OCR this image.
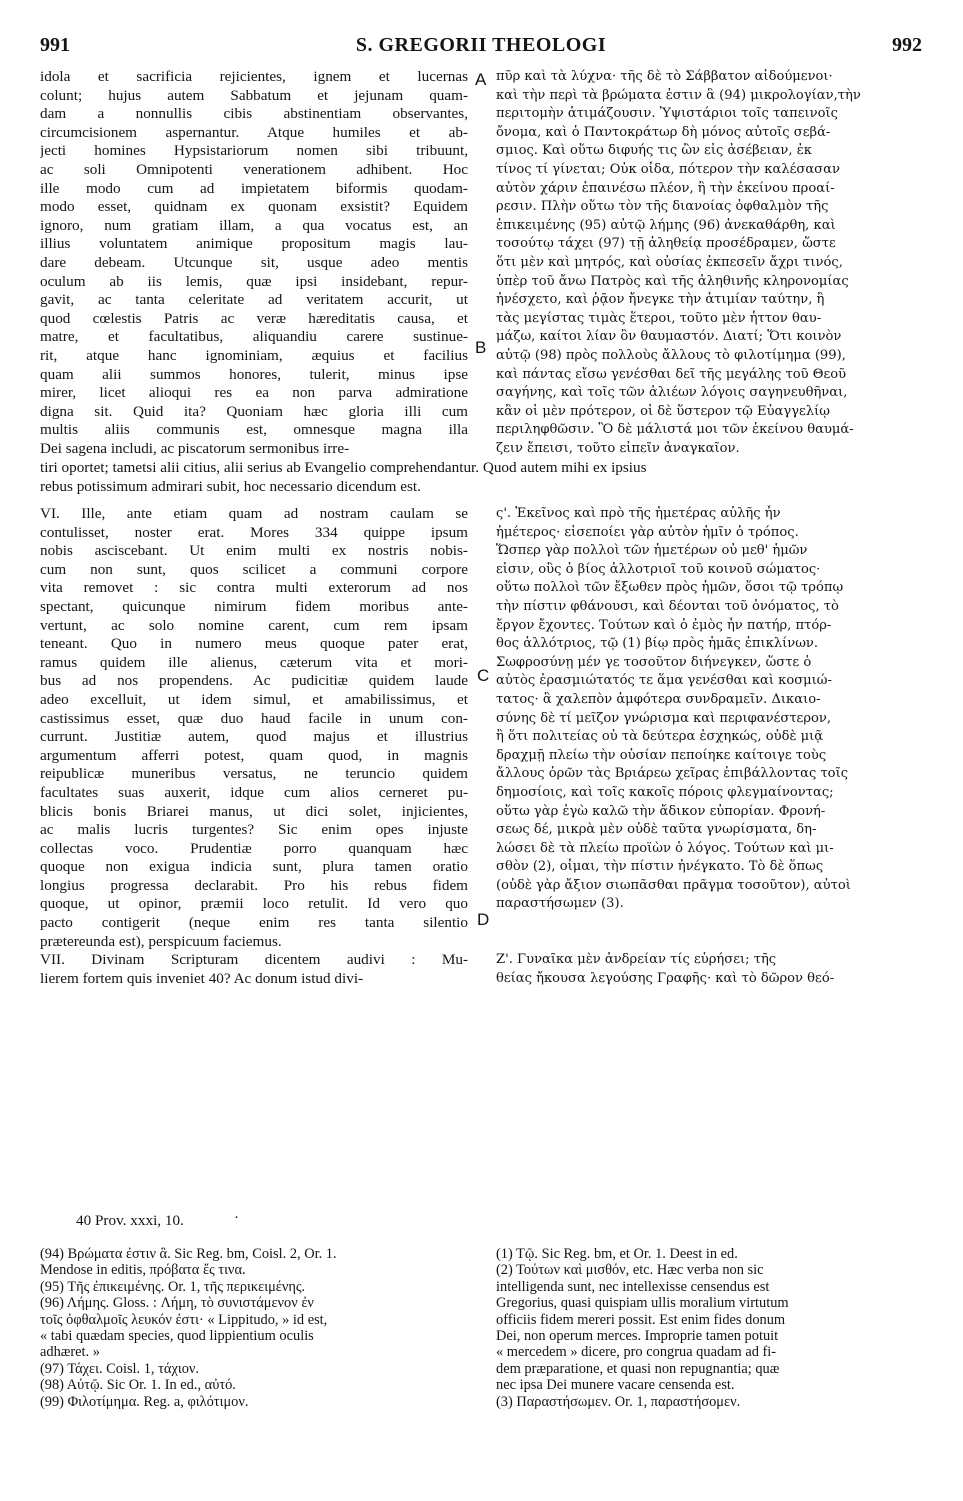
991	S. GREGORII THEOLOGI	992
idola et sacrificia rejicientes, ignem et lucernas
colunt; hujus autem Sabbatum et jejunam quam-
dam a nonnullis cibis abstinentiam observantes,
circumcisionem aspernantur. Atque humiles et ab-
jecti homines Hypsistariorum nomen sibi tribuunt,
ac soli Omnipotenti venerationem adhibent. Hoc
ille modo cum ad impietatem biformis quodam-
modo esset, quidnam ex quonam exsistit? Equidem
ignoro, num gratiam illam, a qua vocatus est, an
illius voluntatem animique propositum magis lau-
dare debeam. Utcunque sit, usque adeo mentis
oculum ab iis lemis, quæ ipsi insidebant, repur-
gavit, ac tanta celeritate ad veritatem accurit, ut
quod cœlestis Patris ac veræ hæreditatis causa, et
matre, et facultatibus, aliquandiu carere sustinue-
rit, atque hanc ignominiam, æquius et facilius
quam alii summos honores, tulerit, minus ipse
mirer, licet alioqui res ea non parva admiratione
digna sit. Quid ita? Quoniam hæc gloria illi cum
multis aliis communis est, omnesque magna illa
Dei sagena includi, ac piscatorum sermonibus irre-
πῦρ καὶ τὰ λύχνα· τῆς δὲ τὸ Σάββατον αἰδούμενοι·
καὶ τὴν περὶ τὰ βρώματα ἐστιν ἃ (94) μικρολογίαν,τὴν
περιτομὴν ἀτιμάζουσιν. Ὑψιστάριοι τοῖς ταπεινοῖς
ὄνομα, καὶ ὁ Παντοκράτωρ δὴ μόνος αὐτοῖς σεβά-
σμιος. Καὶ οὕτω διφυής τις ὢν εἰς ἀσέβειαν, ἐκ
τίνος τί γίνεται; Οὐκ οἶδα, πότερον τὴν καλέσασαν
αὐτὸν χάριν ἐπαινέσω πλέον, ἢ τὴν ἐκείνου προαί-
ρεσιν. Πλὴν οὕτω τὸν τῆς διανοίας ὀφθαλμὸν τῆς
ἐπικειμένης (95) αὐτῷ λήμης (96) ἀνεκαθάρθη, καὶ
τοσούτῳ τάχει (97) τῇ ἀληθείᾳ προσέδραμεν, ὥστε
ὅτι μὲν καὶ μητρός, καὶ οὐσίας ἐκπεσεῖν ἄχρι τινός,
ὑπὲρ τοῦ ἄνω Πατρὸς καὶ τῆς ἀληθινῆς κληρονομίας
ἠνέσχετο, καὶ ῥᾷον ἤνεγκε τὴν ἀτιμίαν ταύτην, ἢ
τὰς μεγίστας τιμὰς ἕτεροι, τοῦτο μὲν ἧττον θαυ-
μάζω, καίτοι λίαν ὂν θαυμαστόν. Διατί; Ὅτι κοινὸν
αὐτῷ (98) πρὸς πολλοὺς ἄλλους τὸ φιλοτίμημα (99),
καὶ πάντας εἴσω γενέσθαι δεῖ τῆς μεγάλης τοῦ Θεοῦ
σαγήνης, καὶ τοῖς τῶν ἁλιέων λόγοις σαγηνευθῆναι,
κἂν οἱ μὲν πρότερον, οἱ δὲ ὕστερον τῷ Εὐαγγελίῳ
περιληφθῶσιν. Ὃ δὲ μάλιστά μοι τῶν ἐκείνου θαυμά-
ζειν ἔπεισι, τοῦτο εἰπεῖν ἀναγκαῖον.
tiri oportet; tametsi alii citius, alii serius ab Evangelio comprehendantur. Quod autem mihi ex ipsius
rebus potissimum admirari subit, hoc necessario dicendum est.
VI. Ille, ante etiam quam ad nostram caulam se
contulisset, noster erat. Mores 334 quippe ipsum
nobis asciscebant. Ut enim multi ex nostris nobis-
cum non sunt, quos scilicet a communi corpore
vita removet : sic contra multi exterorum ad nos
spectant, quicunque nimirum fidem moribus ante-
vertunt, ac solo nomine carent, cum rem ipsam
teneant. Quo in numero meus quoque pater erat,
ramus quidem ille alienus, cæterum vita et mori-
bus ad nos propendens. Ac pudicitiæ quidem laude
adeo excelluit, ut idem simul, et amabilissimus, et
castissimus esset, quæ duo haud facile in unum con-
currunt. Justitiæ autem, quod majus et illustrius
argumentum afferri potest, quam quod, in magnis
reipublicæ muneribus versatus, ne teruncio quidem
facultates suas auxerit, idque cum alios cerneret pu-
blicis bonis Briarei manus, ut dici solet, injicientes,
ac malis lucris turgentes? Sic enim opes injuste
collectas voco. Prudentiæ porro quanquam hæc
quoque non exigua indicia sunt, plura tamen oratio
longius progressa declarabit. Pro his rebus fidem
quoque, ut opinor, præmii loco retulit. Id vero quo
pacto contigerit (neque enim res tanta silentio
prætereunda est), perspicuum faciemus.
VII. Divinam Scripturam dicentem audivi : Mu-
lierem fortem quis inveniet 40? Ac donum istud divi-
ς'. Ἐκεῖνος καὶ πρὸ τῆς ἡμετέρας αὐλῆς ἦν
ἡμέτερος· εἰσεποίει γὰρ αὐτὸν ἡμῖν ὁ τρόπος.
Ὥσπερ γὰρ πολλοὶ τῶν ἡμετέρων οὐ μεθ' ἡμῶν
εἰσιν, οὓς ὁ βίος ἀλλοτριοῖ τοῦ κοινοῦ σώματος·
οὕτω πολλοὶ τῶν ἔξωθεν πρὸς ἡμῶν, ὅσοι τῷ τρόπῳ
τὴν πίστιν φθάνουσι, καὶ δέονται τοῦ ὀνόματος, τὸ
ἔργον ἔχοντες. Τούτων καὶ ὁ ἐμὸς ἦν πατήρ, πτόρ-
θος ἀλλότριος, τῷ (1) βίῳ πρὸς ἡμᾶς ἐπικλίνων.
Σωφροσύνῃ μέν γε τοσοῦτον διήνεγκεν, ὥστε ὁ
αὐτὸς ἐρασμιώτατός τε ἅμα γενέσθαι καὶ κοσμιώ-
τατος· ἃ χαλεπὸν ἀμφότερα συνδραμεῖν. Δικαιο-
σύνης δὲ τί μεῖζον γνώρισμα καὶ περιφανέστερον,
ἢ ὅτι πολιτείας οὐ τὰ δεύτερα ἐσχηκώς, οὐδὲ μιᾷ
δραχμῇ πλείω τὴν οὐσίαν πεποίηκε καίτοιγε τοὺς
ἄλλους ὁρῶν τὰς Βριάρεω χεῖρας ἐπιβάλλοντας τοῖς
δημοσίοις, καὶ τοῖς κακοῖς πόροις φλεγμαίνοντας;
οὕτω γὰρ ἐγὼ καλῶ τὴν ἄδικον εὐπορίαν. Φρονή-
σεως δέ, μικρὰ μὲν οὐδὲ ταῦτα γνωρίσματα, δη-
λώσει δὲ τὰ πλείω προϊὼν ὁ λόγος. Τούτων καὶ μι-
σθὸν (2), οἶμαι, τὴν πίστιν ἠνέγκατο. Τὸ δὲ ὅπως
(οὐδὲ γὰρ ἄξιον σιωπᾶσθαι πρᾶγμα τοσοῦτον), αὐτοὶ
παραστήσωμεν (3).
Ζ'. Γυναῖκα μὲν ἀνδρείαν τίς εὑρήσει; τῆς
θείας ἤκουσα λεγούσης Γραφῆς· καὶ τὸ δῶρον θεό-
A
B
C
D
40 Prov. xxxi, 10.	·
(94) Βρώματα ἐστιν ἃ. Sic Reg. bm, Coisl. 2, Or. 1.
Mendose in editis, πρόβατα ἔς τινα.
(95) Τῆς ἐπικειμένης. Or. 1, τῆς περικειμένης.
(96) Λήμης. Gloss. : Λήμη, τὸ συνιστάμενον ἐν
τοῖς ὀφθαλμοῖς λευκόν ἐστι· « Lippitudo, » id est,
« tabi quædam species, quod lippientium oculis
adhæret. »
(97) Τάχει. Coisl. 1, τάχιον.
(98) Αὐτῷ. Sic Or. 1. In ed., αὐτό.
(99) Φιλοτίμημα. Reg. a, φιλότιμον.
(1) Τῷ. Sic Reg. bm, et Or. 1. Deest in ed.
(2) Τούτων καὶ μισθόν, etc. Hæc verba non sic
intelligenda sunt, nec intellexisse censendus est
Gregorius, quasi quispiam ullis moralium virtutum
officiis fidem mereri possit. Est enim fides donum
Dei, non operum merces. Improprie tamen potuit
« mercedem » dicere, pro congrua quadam ad fi-
dem præparatione, et quasi non repugnantia; quæ
nec ipsa Dei munere vacare censenda est.
(3) Παραστήσωμεν. Or. 1, παραστήσομεν.
